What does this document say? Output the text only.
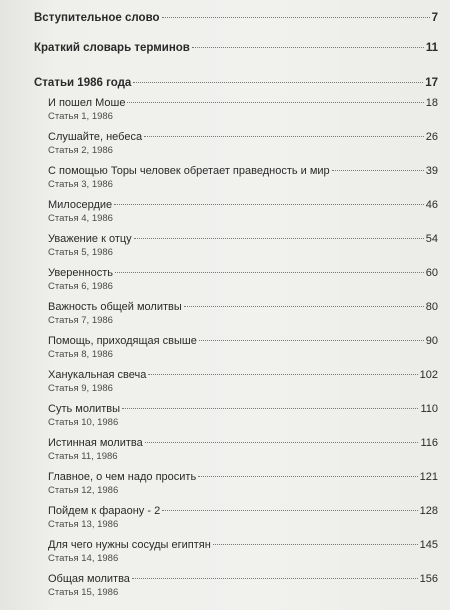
Вступительное слово	7
Краткий словарь терминов	11
Статьи 1986 года	17
И пошел Моше	18
Статья 1, 1986
Слушайте, небеса	26
Статья 2, 1986
С помощью Торы человек обретает праведность и мир	39
Статья 3, 1986
Милосердие	46
Статья 4, 1986
Уважение к отцу	54
Статья 5, 1986
Уверенность	60
Статья 6, 1986
Важность общей молитвы	80
Статья 7, 1986
Помощь, приходящая свыше	90
Статья 8, 1986
Ханукальная свеча	102
Статья 9, 1986
Суть молитвы	110
Статья 10, 1986
Истинная молитва	116
Статья 11, 1986
Главное, о чем надо просить	121
Статья 12, 1986
Пойдем к фараону - 2	128
Статья 13, 1986
Для чего нужны сосуды египтян	145
Статья 14, 1986
Общая молитва	156
Статья 15, 1986
